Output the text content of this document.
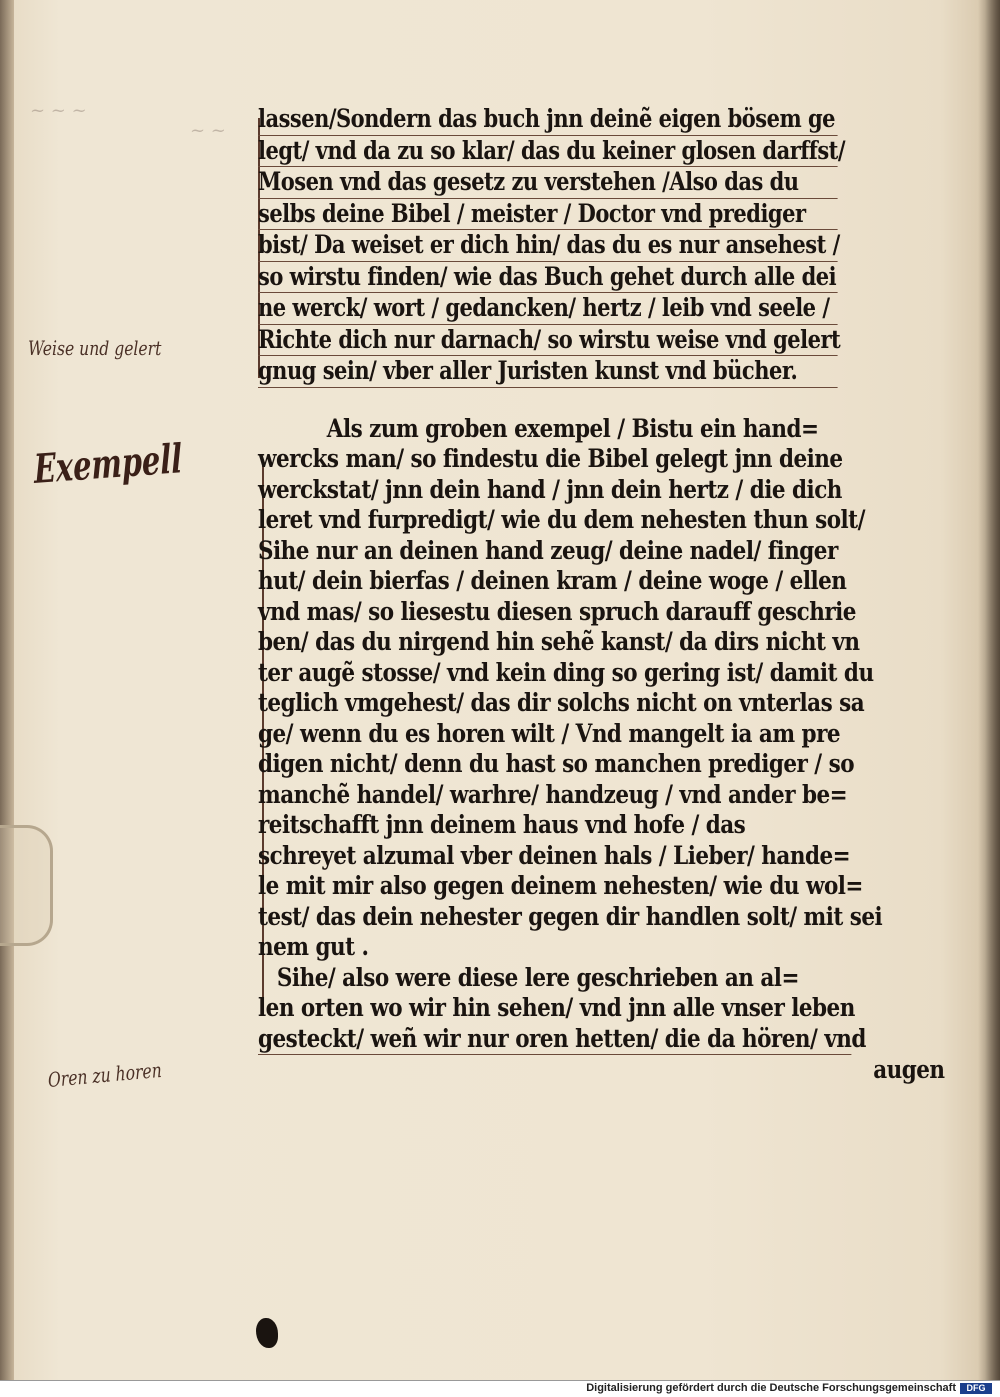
~ ~ ~
~ ~
Weise und gelert
Exempell
Oren zu horen
lassen/Sondern das buch jnn deinẽ eigen bösem ge
legt/ vnd da zu so klar/ das du keiner glosen darffst/
Mosen vnd das gesetz zu verstehen /Also das du
selbs deine Bibel / meister / Doctor vnd prediger
bist/ Da weiset er dich hin/ das du es nur ansehest /
so wirstu finden/ wie das Buch gehet durch alle dei
ne werck/ wort / gedancken/ hertz / leib vnd seele /
Richte dich nur darnach/ so wirstu weise vnd gelert
gnug sein/ vber aller Juristen kunst vnd bücher.
Als zum groben exempel / Bistu ein hand=
wercks man/ so findestu die Bibel gelegt jnn deine
werckstat/ jnn dein hand / jnn dein hertz / die dich
leret vnd furpredigt/ wie du dem nehesten thun solt/
Sihe nur an deinen hand zeug/ deine nadel/ finger
hut/ dein bierfas / deinen kram / deine woge / ellen
vnd mas/ so liesestu diesen spruch darauff geschrie
ben/ das du nirgend hin sehẽ kanst/ da dirs nicht vn
ter augẽ stosse/ vnd kein ding so gering ist/ damit du
teglich vmgehest/ das dir solchs nicht on vnterlas sa
ge/ wenn du es horen wilt / Vnd mangelt ia am pre
digen nicht/ denn du hast so manchen prediger / so
manchẽ handel/ warhre/ handzeug / vnd ander be=
reitschafft jnn deinem haus vnd hofe / das
schreyet alzumal vber deinen hals / Lieber/ hande=
le mit mir also gegen deinem nehesten/ wie du wol=
test/ das dein nehester gegen dir handlen solt/ mit sei
nem gut .
Sihe/ also were diese lere geschrieben an al=
len orten wo wir hin sehen/ vnd jnn alle vnser leben
gesteckt/ weñ wir nur oren hetten/ die da hören/ vnd
augen
Digitalisierung gefördert durch die Deutsche Forschungsgemeinschaft	DFG
